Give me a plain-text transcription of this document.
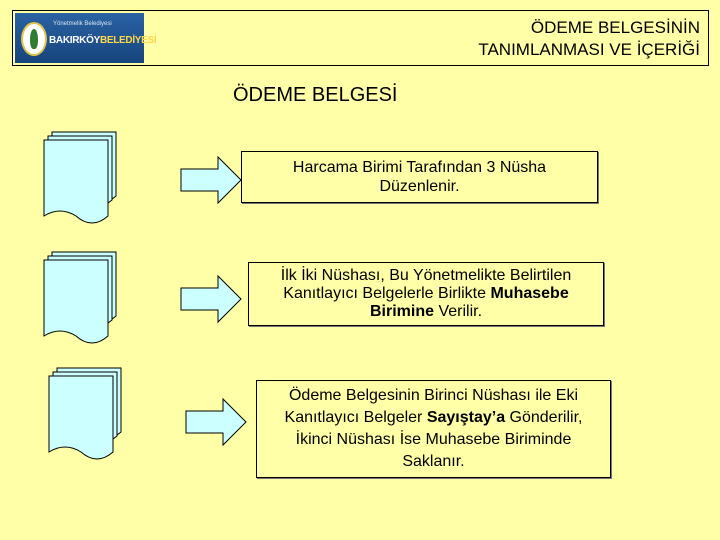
Yönetmelik Belediyesi
BAKIRKÖYBELEDİYESİ
ÖDEME BELGESİNİN
TANIMLANMASI VE İÇERİĞİ
ÖDEME BELGESİ

Harcama Birimi Tarafından 3 Nüsha Düzenlenir.

İlk İki Nüshası, Bu Yönetmelikte Belirtilen Kanıtlayıcı Belgelerle Birlikte Muhasebe Birimine Verilir.

Ödeme Belgesinin Birinci Nüshası ile Eki Kanıtlayıcı Belgeler Sayıştay’a Gönderilir, İkinci Nüshası İse Muhasebe Biriminde Saklanır.
